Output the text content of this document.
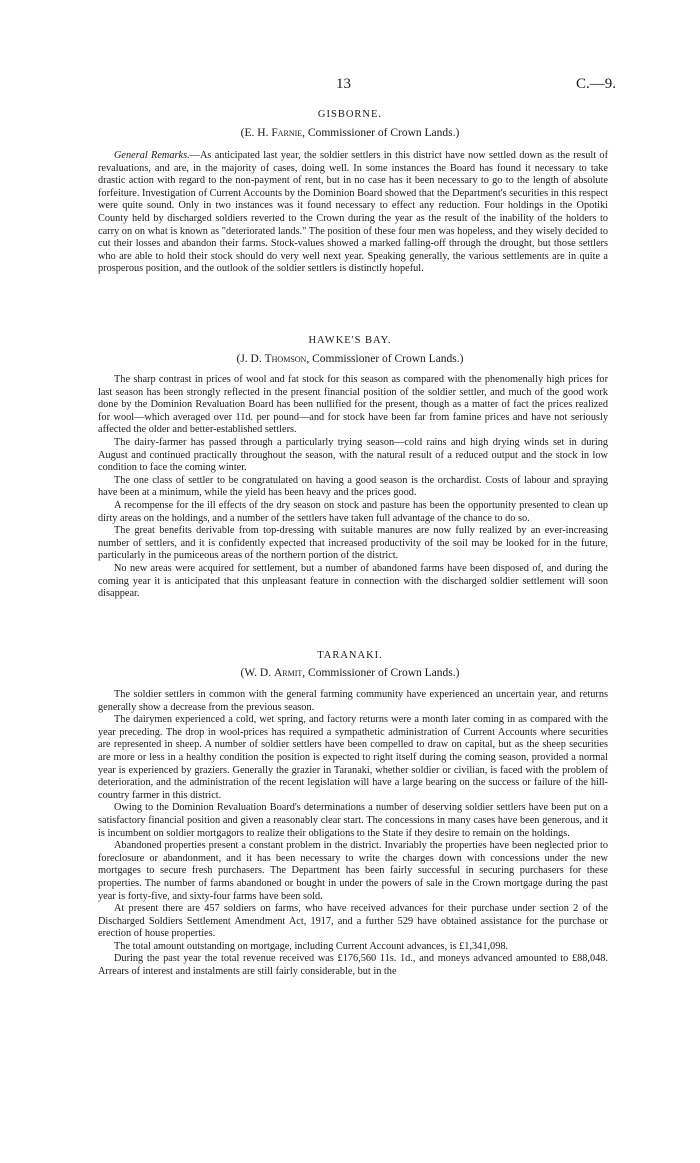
13	C.—9.
GISBORNE.
(E. H. Farnie, Commissioner of Crown Lands.)

General Remarks.—As anticipated last year, the soldier settlers in this district have now settled down as the result of revaluations, and are, in the majority of cases, doing well. In some instances the Board has found it necessary to take drastic action with regard to the non-payment of rent, but in no case has it been necessary to go to the length of absolute forfeiture. Investigation of Current Accounts by the Dominion Board showed that the Department's securities in this respect were quite sound. Only in two instances was it found necessary to effect any reduction. Four holdings in the Opotiki County held by discharged soldiers reverted to the Crown during the year as the result of the inability of the holders to carry on on what is known as "deteriorated lands." The position of these four men was hopeless, and they wisely decided to cut their losses and abandon their farms. Stock-values showed a marked falling-off through the drought, but those settlers who are able to hold their stock should do very well next year. Speaking generally, the various settlements are in quite a prosperous position, and the outlook of the soldier settlers is distinctly hopeful.

HAWKE'S BAY.
(J. D. Thomson, Commissioner of Crown Lands.)

The sharp contrast in prices of wool and fat stock for this season as compared with the phenomenally high prices for last season has been strongly reflected in the present financial position of the soldier settler, and much of the good work done by the Dominion Revaluation Board has been nullified for the present, though as a matter of fact the prices realized for wool—which averaged over 11d. per pound—and for stock have been far from famine prices and have not seriously affected the older and better-established settlers.

The dairy-farmer has passed through a particularly trying season—cold rains and high drying winds set in during August and continued practically throughout the season, with the natural result of a reduced output and the stock in low condition to face the coming winter.

The one class of settler to be congratulated on having a good season is the orchardist. Costs of labour and spraying have been at a minimum, while the yield has been heavy and the prices good.

A recompense for the ill effects of the dry season on stock and pasture has been the opportunity presented to clean up dirty areas on the holdings, and a number of the settlers have taken full advantage of the chance to do so.

The great benefits derivable from top-dressing with suitable manures are now fully realized by an ever-increasing number of settlers, and it is confidently expected that increased productivity of the soil may be looked for in the future, particularly in the pumiceous areas of the northern portion of the district.

No new areas were acquired for settlement, but a number of abandoned farms have been disposed of, and during the coming year it is anticipated that this unpleasant feature in connection with the discharged soldier settlement will soon disappear.

TARANAKI.
(W. D. Armit, Commissioner of Crown Lands.)

The soldier settlers in common with the general farming community have experienced an uncertain year, and returns generally show a decrease from the previous season.

The dairymen experienced a cold, wet spring, and factory returns were a month later coming in as compared with the year preceding. The drop in wool-prices has required a sympathetic administration of Current Accounts where securities are represented in sheep. A number of soldier settlers have been compelled to draw on capital, but as the sheep securities are more or less in a healthy condition the position is expected to right itself during the coming season, provided a normal year is experienced by graziers. Generally the grazier in Taranaki, whether soldier or civilian, is faced with the problem of deterioration, and the administration of the recent legislation will have a large bearing on the success or failure of the hill-country farmer in this district.

Owing to the Dominion Revaluation Board's determinations a number of deserving soldier settlers have been put on a satisfactory financial position and given a reasonably clear start. The concessions in many cases have been generous, and it is incumbent on soldier mortgagors to realize their obligations to the State if they desire to remain on the holdings.

Abandoned properties present a constant problem in the district. Invariably the properties have been neglected prior to foreclosure or abandonment, and it has been necessary to write the charges down with concessions under the new mortgages to secure fresh purchasers. The Department has been fairly successful in securing purchasers for these properties. The number of farms abandoned or bought in under the powers of sale in the Crown mortgage during the past year is forty-five, and sixty-four farms have been sold.

At present there are 457 soldiers on farms, who have received advances for their purchase under section 2 of the Discharged Soldiers Settlement Amendment Act, 1917, and a further 529 have obtained assistance for the purchase or erection of house properties.

The total amount outstanding on mortgage, including Current Account advances, is £1,341,098.

During the past year the total revenue received was £176,560 11s. 1d., and moneys advanced amounted to £88,048. Arrears of interest and instalments are still fairly considerable, but in the
